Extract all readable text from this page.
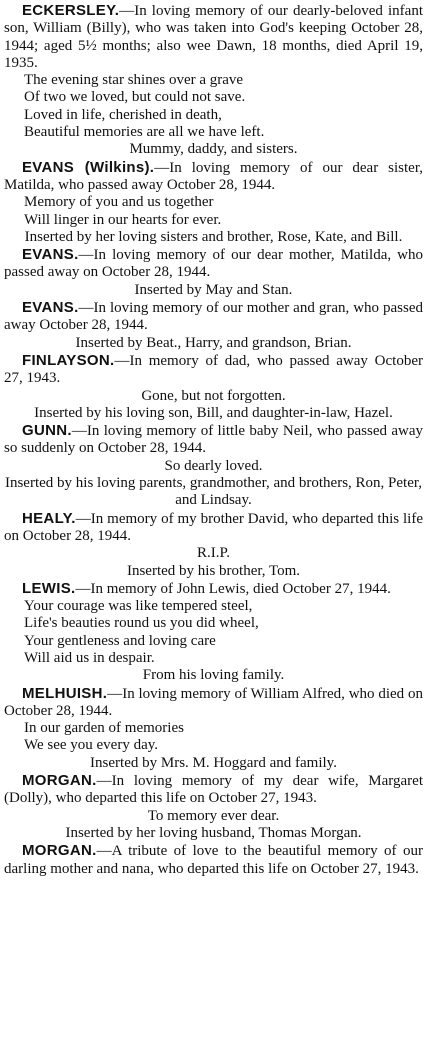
ECKERSLEY.—In loving memory of our dearly-beloved infant son, William (Billy), who was taken into God's keeping October 28, 1944; aged 5½ months; also wee Dawn, 18 months, died April 19, 1935.
The evening star shines over a grave
Of two we loved, but could not save.
Loved in life, cherished in death,
Beautiful memories are all we have left.
Mummy, daddy, and sisters.
EVANS (Wilkins).—In loving memory of our dear sister, Matilda, who passed away October 28, 1944.
Memory of you and us together
Will linger in our hearts for ever.
Inserted by her loving sisters and brother, Rose, Kate, and Bill.
EVANS.—In loving memory of our dear mother, Matilda, who passed away on October 28, 1944.
Inserted by May and Stan.
EVANS.—In loving memory of our mother and gran, who passed away October 28, 1944.
Inserted by Beat., Harry, and grandson, Brian.
FINLAYSON.—In memory of dad, who passed away October 27, 1943.
Gone, but not forgotten.
Inserted by his loving son, Bill, and daughter-in-law, Hazel.
GUNN.—In loving memory of little baby Neil, who passed away so suddenly on October 28, 1944.
So dearly loved.
Inserted by his loving parents, grandmother, and brothers, Ron, Peter, and Lindsay.
HEALY.—In memory of my brother David, who departed this life on October 28, 1944.
R.I.P.
Inserted by his brother, Tom.
LEWIS.—In memory of John Lewis, died October 27, 1944.
Your courage was like tempered steel,
Life's beauties round us you did wheel,
Your gentleness and loving care
Will aid us in despair.
From his loving family.
MELHUISH.—In loving memory of William Alfred, who died on October 28, 1944.
In our garden of memories
We see you every day.
Inserted by Mrs. M. Hoggard and family.
MORGAN.—In loving memory of my dear wife, Margaret (Dolly), who departed this life on October 27, 1943.
To memory ever dear.
Inserted by her loving husband, Thomas Morgan.
MORGAN.—A tribute of love to the beautiful memory of our darling mother and nana, who departed this life on October 27, 1943.
